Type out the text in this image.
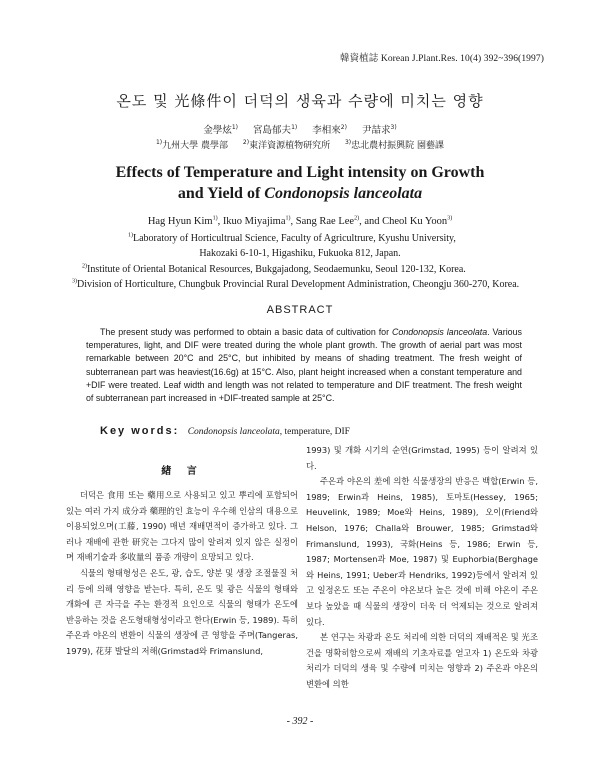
韓資植誌 Korean J.Plant.Res. 10(4) 392~396(1997)
온도 및 光條件이 더덕의 생육과 수량에 미치는 영향
金學炫$^{1)}$ 宮島郁夫$^{1)}$ 李相來$^{2)}$ 尹喆求$^{3)}$
$^{1)}$九州大學 農學部 $^{2)}$東洋資源植物研究所 $^{3)}$忠北農村振興院 園藝課
Effects of Temperature and Light intensity on Growth
and Yield of Condonopsis lanceolata
Hag Hyun Kim$^{1)}$, Ikuo Miyajima$^{1)}$, Sang Rae Lee$^{2)}$, and Cheol Ku Yoon$^{3)}$
$^{1)}$Laboratory of Horticultrual Science, Faculty of Agricultrure, Kyushu University,
Hakozaki 6-10-1, Higashiku, Fukuoka 812, Japan.
$^{2)}$Institute of Oriental Botanical Resources, Bukgajadong, Seodaemunku, Seoul 120-132, Korea.
$^{3)}$Division of Horticulture, Chungbuk Provincial Rural Development Administration, Cheongju 360-270, Korea.
ABSTRACT
The present study was performed to obtain a basic data of cultivation for Condonopsis lanceolata. Various temperatures, light, and DIF were treated during the whole plant growth. The growth of aerial part was most remarkable between 20°C and 25°C, but inhibited by means of shading treatment. The fresh weight of subterranean part was heaviest(16.6g) at 15°C. Also, plant height increased when a constant temperature and +DIF were treated. Leaf width and length was not related to temperature and DIF treatment. The fresh weight of subterranean part increased in +DIF-treated sample at 25°C.
Key words: Condonopsis lanceolata, temperature, DIF
緖 言

더덕은 食用 또는 藥用으로 사용되고 있고 뿌리에 포함되어 있는 여러 가지 成分과 藥理的인 효능이 우수해 인삼의 대용으로 이용되었으며(工藤, 1990) 매년 재배면적이 증가하고 있다. 그러나 재배에 관한 研究는 그다지 많이 알려져 있지 않은 실정이며 재배기술과 多收量의 품종 개량이 요망되고 있다.

식물의 형태형성은 온도, 광, 습도, 양분 및 생장 조절물질 처리 등에 의해 영향을 받는다. 특히, 온도 및 광은 식물의 형태와 개화에 큰 자극을 주는 환경적 요인으로 식물의 형태가 온도에 반응하는 것을 온도형태형성이라고 한다(Erwin 등, 1989). 특히 주온과 야온의 변환이 식물의 생장에 큰 영향을 주며(Tangeras, 1979), 花芽 발달의 저해(Grimstad와 Frimanslund,

1993) 및 개화 시기의 순연(Grimstad, 1995) 등이 알려져 있다.

주온과 야온의 差에 의한 식물생장의 반응은 백합(Erwin 등, 1989; Erwin과 Heins, 1985), 토마토(Hessey, 1965; Heuvelink, 1989; Moe와 Heins, 1989), 오이(Friend와 Helson, 1976; Challa와 Brouwer, 1985; Grimstad와 Frimanslund, 1993), 국화(Heins 등, 1986; Erwin 등, 1987; Mortensen과 Moe, 1987) 및 Euphorbia(Berghage와 Heins, 1991; Ueber과 Hendriks, 1992)등에서 알려져 있고 일정온도 또는 주온이 야온보다 높은 것에 비해 야온이 주온보다 높았을 때 식물의 생장이 더욱 더 억제되는 것으로 알려져 있다.

본 연구는 차광과 온도 처리에 의한 더덕의 재배적온 및 光조건을 명확히함으로써 재배의 기초자료를 얻고자 1) 온도와 차광 처리가 더덕의 생육 및 수량에 미치는 영향과 2) 주온과 야온의 변환에 의한

- 392 -
